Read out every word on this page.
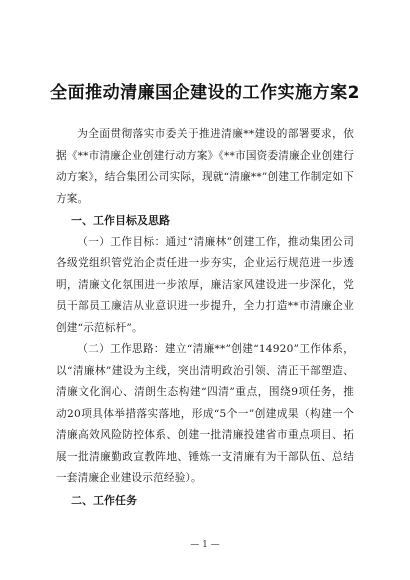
全面推动清廉国企建设的工作实施方案2

为全面贯彻落实市委关于推进清廉**建设的部署要求，依据《**市清廉企业创建行动方案》《**市国资委清廉企业创建行动方案》，结合集团公司实际，现就“清廉**”创建工作制定如下方案。

一、工作目标及思路

（一）工作目标：通过“清廉林”创建工作，推动集团公司各级党组织管党治企责任进一步夯实，企业运行规范进一步透明，清廉文化氛围进一步浓厚，廉洁家风建设进一步深化，党员干部员工廉洁从业意识进一步提升，全力打造**市清廉企业创建“示范标杆”。

（二）工作思路：建立“清廉**”创建“14920”工作体系，以“清廉林”建设为主线，突出清明政治引领、清正干部塑造、清廉文化润心、清朗生态构建“四清”重点，围绕9项任务，推动20项具体举措落实落地，形成“5个一”创建成果（构建一个清廉高效风险防控体系、创建一批清廉投建省市重点项目、拓展一批清廉勤政宣教阵地、锤炼一支清廉有为干部队伍、总结一套清廉企业建设示范经验）。

二、工作任务

— 1 —
